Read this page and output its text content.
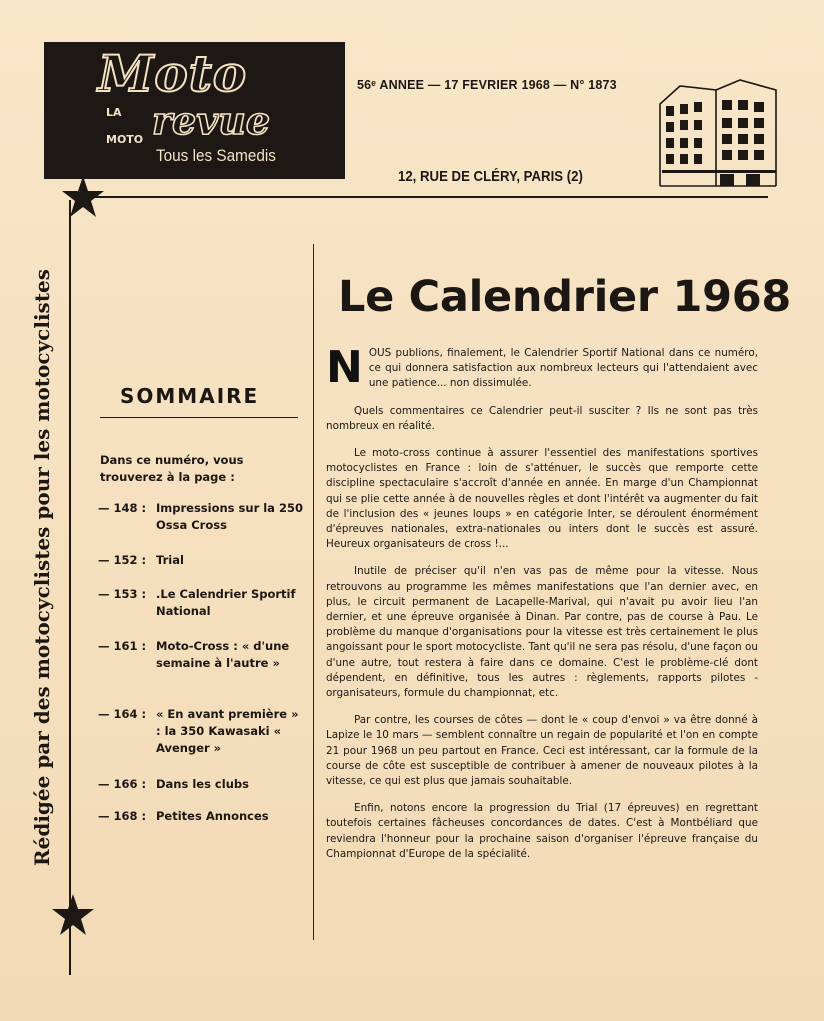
Moto
LA
MOTO revue
Tous les Samedis
56ᵉ ANNEE — 17 FEVRIER 1968 — N° 1873
12, RUE DE CLÉRY, PARIS (2)
Rédigée par des motocyclistes pour les motocyclistes	SOMMAIRE
Dans ce numéro, vous trouverez à la page :
— 148 : Impressions sur la 250 Ossa Cross
— 152 : Trial
— 153 : .Le Calendrier Sportif National
— 161 : Moto-Cross : « d'une semaine à l'autre »
— 164 : « En avant première » : la 350 Kawasaki « Avenger »
— 166 : Dans les clubs
— 168 : Petites Annonces
Le Calendrier 1968

NOUS publions, finalement, le Calendrier Sportif National dans ce numéro, ce qui donnera satisfaction aux nombreux lecteurs qui l'attendaient avec une patience... non dissimulée.

Quels commentaires ce Calendrier peut-il susciter ? Ils ne sont pas très nombreux en réalité.

Le moto-cross continue à assurer l'essentiel des manifestations sportives motocyclistes en France : loin de s'atténuer, le succès que remporte cette discipline spectaculaire s'accroît d'année en année. En marge d'un Championnat qui se plie cette année à de nouvelles règles et dont l'intérêt va augmenter du fait de l'inclusion des « jeunes loups » en catégorie Inter, se déroulent énormément d'épreuves nationales, extra-nationales ou inters dont le succès est assuré. Heureux organisateurs de cross !...

Inutile de préciser qu'il n'en vas pas de même pour la vitesse. Nous retrouvons au programme les mêmes manifestations que l'an dernier avec, en plus, le circuit permanent de Lacapelle-Marival, qui n'avait pu avoir lieu l'an dernier, et une épreuve organisée à Dinan. Par contre, pas de course à Pau. Le problème du manque d'organisations pour la vitesse est très certainement le plus angoissant pour le sport motocycliste. Tant qu'il ne sera pas résolu, d'une façon ou d'une autre, tout restera à faire dans ce domaine. C'est le problème-clé dont dépendent, en définitive, tous les autres : règlements, rapports pilotes - organisateurs, formule du championnat, etc.

Par contre, les courses de côtes — dont le « coup d'envoi » va être donné à Lapize le 10 mars — semblent connaître un regain de popularité et l'on en compte 21 pour 1968 un peu partout en France. Ceci est intéressant, car la formule de la course de côte est susceptible de contribuer à amener de nouveaux pilotes à la vitesse, ce qui est plus que jamais souhaitable.

Enfin, notons encore la progression du Trial (17 épreuves) en regrettant toutefois certaines fâcheuses concordances de dates. C'est à Montbéliard que reviendra l'honneur pour la prochaine saison d'organiser l'épreuve française du Championnat d'Europe de la spécialité.
